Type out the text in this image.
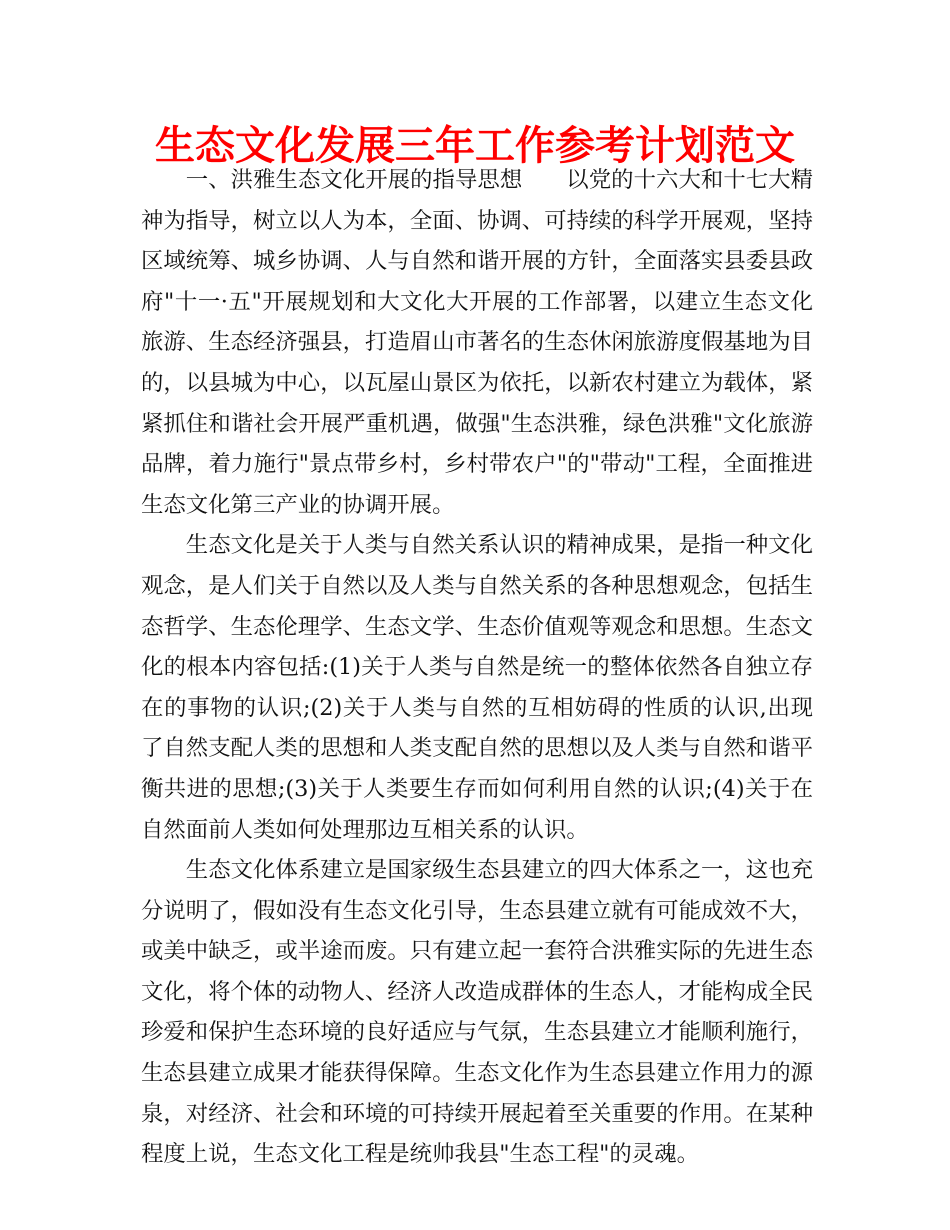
生态文化发展三年工作参考计划范文

一、洪雅生态文化开展的指导思想 以党的十六大和十七大精神为指导，树立以人为本，全面、协调、可持续的科学开展观，坚持区域统筹、城乡协调、人与自然和谐开展的方针，全面落实县委县政府"十一·五"开展规划和大文化大开展的工作部署，以建立生态文化旅游、生态经济强县，打造眉山市著名的生态休闲旅游度假基地为目的，以县城为中心，以瓦屋山景区为依托，以新农村建立为载体，紧紧抓住和谐社会开展严重机遇，做强"生态洪雅，绿色洪雅"文化旅游品牌，着力施行"景点带乡村，乡村带农户"的"带动"工程，全面推进生态文化第三产业的协调开展。

生态文化是关于人类与自然关系认识的精神成果，是指一种文化观念，是人们关于自然以及人类与自然关系的各种思想观念，包括生态哲学、生态伦理学、生态文学、生态价值观等观念和思想。生态文化的根本内容包括:(1)关于人类与自然是统一的整体依然各自独立存在的事物的认识;(2)关于人类与自然的互相妨碍的性质的认识,出现了自然支配人类的思想和人类支配自然的思想以及人类与自然和谐平衡共进的思想;(3)关于人类要生存而如何利用自然的认识;(4)关于在自然面前人类如何处理那边互相关系的认识。

生态文化体系建立是国家级生态县建立的四大体系之一，这也充分说明了，假如没有生态文化引导，生态县建立就有可能成效不大，或美中缺乏，或半途而废。只有建立起一套符合洪雅实际的先进生态文化，将个体的动物人、经济人改造成群体的生态人，才能构成全民珍爱和保护生态环境的良好适应与气氛，生态县建立才能顺利施行，生态县建立成果才能获得保障。生态文化作为生态县建立作用力的源泉，对经济、社会和环境的可持续开展起着至关重要的作用。在某种程度上说，生态文化工程是统帅我县"生态工程"的灵魂。
